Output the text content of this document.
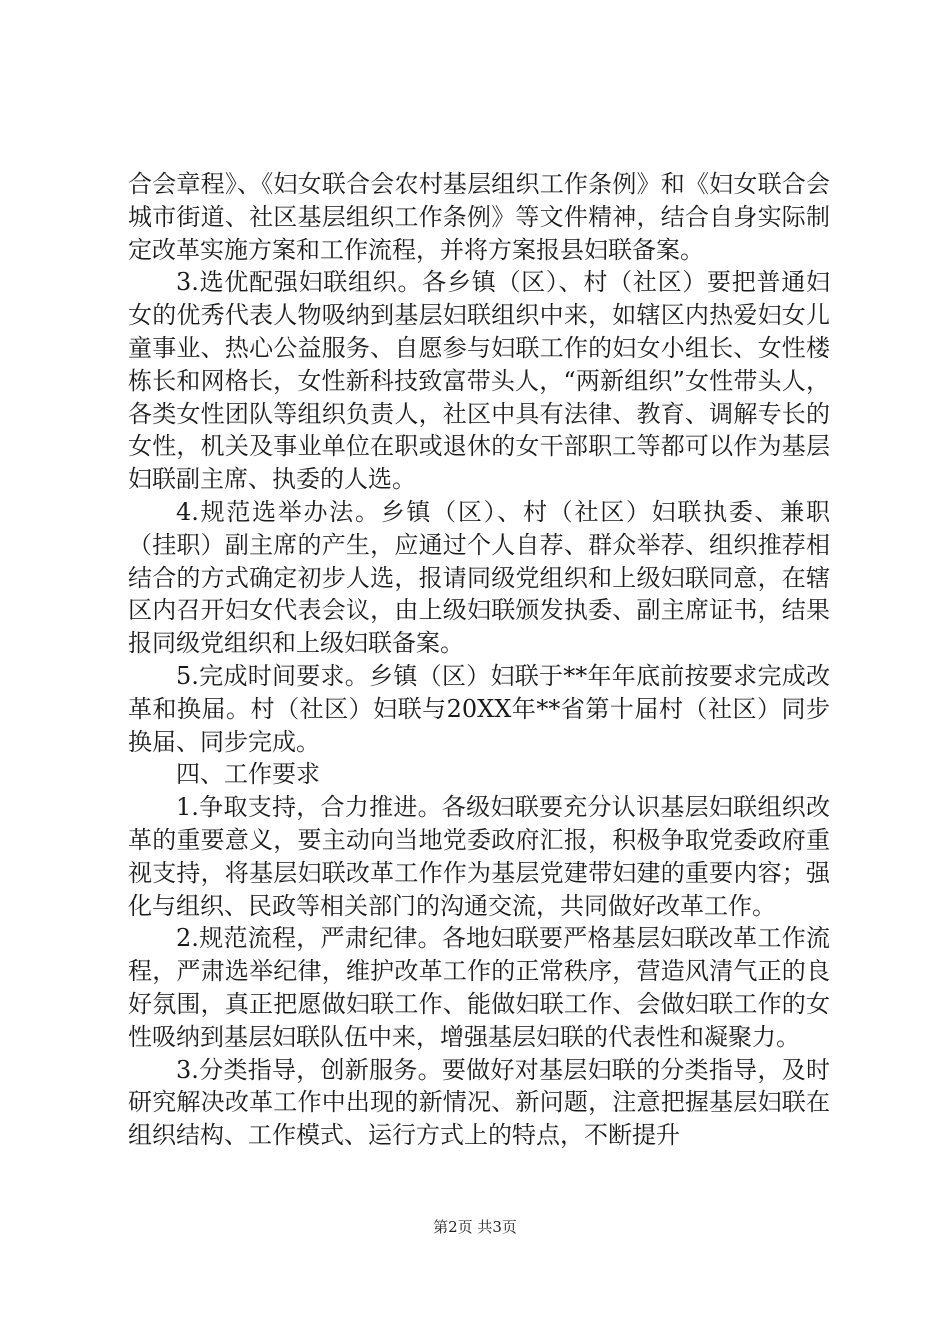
合会章程》、《妇女联合会农村基层组织工作条例》和《妇女联合会城市街道、社区基层组织工作条例》等文件精神，结合自身实际制定改革实施方案和工作流程，并将方案报县妇联备案。

3.选优配强妇联组织。各乡镇（区）、村（社区）要把普通妇女的优秀代表人物吸纳到基层妇联组织中来，如辖区内热爱妇女儿童事业、热心公益服务、自愿参与妇联工作的妇女小组长、女性楼栋长和网格长，女性新科技致富带头人，“两新组织”女性带头人，各类女性团队等组织负责人，社区中具有法律、教育、调解专长的女性，机关及事业单位在职或退休的女干部职工等都可以作为基层妇联副主席、执委的人选。

4.规范选举办法。乡镇（区）、村（社区）妇联执委、兼职（挂职）副主席的产生，应通过个人自荐、群众举荐、组织推荐相结合的方式确定初步人选，报请同级党组织和上级妇联同意，在辖区内召开妇女代表会议，由上级妇联颁发执委、副主席证书，结果报同级党组织和上级妇联备案。

5.完成时间要求。乡镇（区）妇联于**年年底前按要求完成改革和换届。村（社区）妇联与20XX年**省第十届村（社区）同步换届、同步完成。

四、工作要求

1.争取支持，合力推进。各级妇联要充分认识基层妇联组织改革的重要意义，要主动向当地党委政府汇报，积极争取党委政府重视支持，将基层妇联改革工作作为基层党建带妇建的重要内容；强化与组织、民政等相关部门的沟通交流，共同做好改革工作。

2.规范流程，严肃纪律。各地妇联要严格基层妇联改革工作流程，严肃选举纪律，维护改革工作的正常秩序，营造风清气正的良好氛围，真正把愿做妇联工作、能做妇联工作、会做妇联工作的女性吸纳到基层妇联队伍中来，增强基层妇联的代表性和凝聚力。

3.分类指导，创新服务。要做好对基层妇联的分类指导，及时研究解决改革工作中出现的新情况、新问题，注意把握基层妇联在组织结构、工作模式、运行方式上的特点，不断提升

第2页 共3页
